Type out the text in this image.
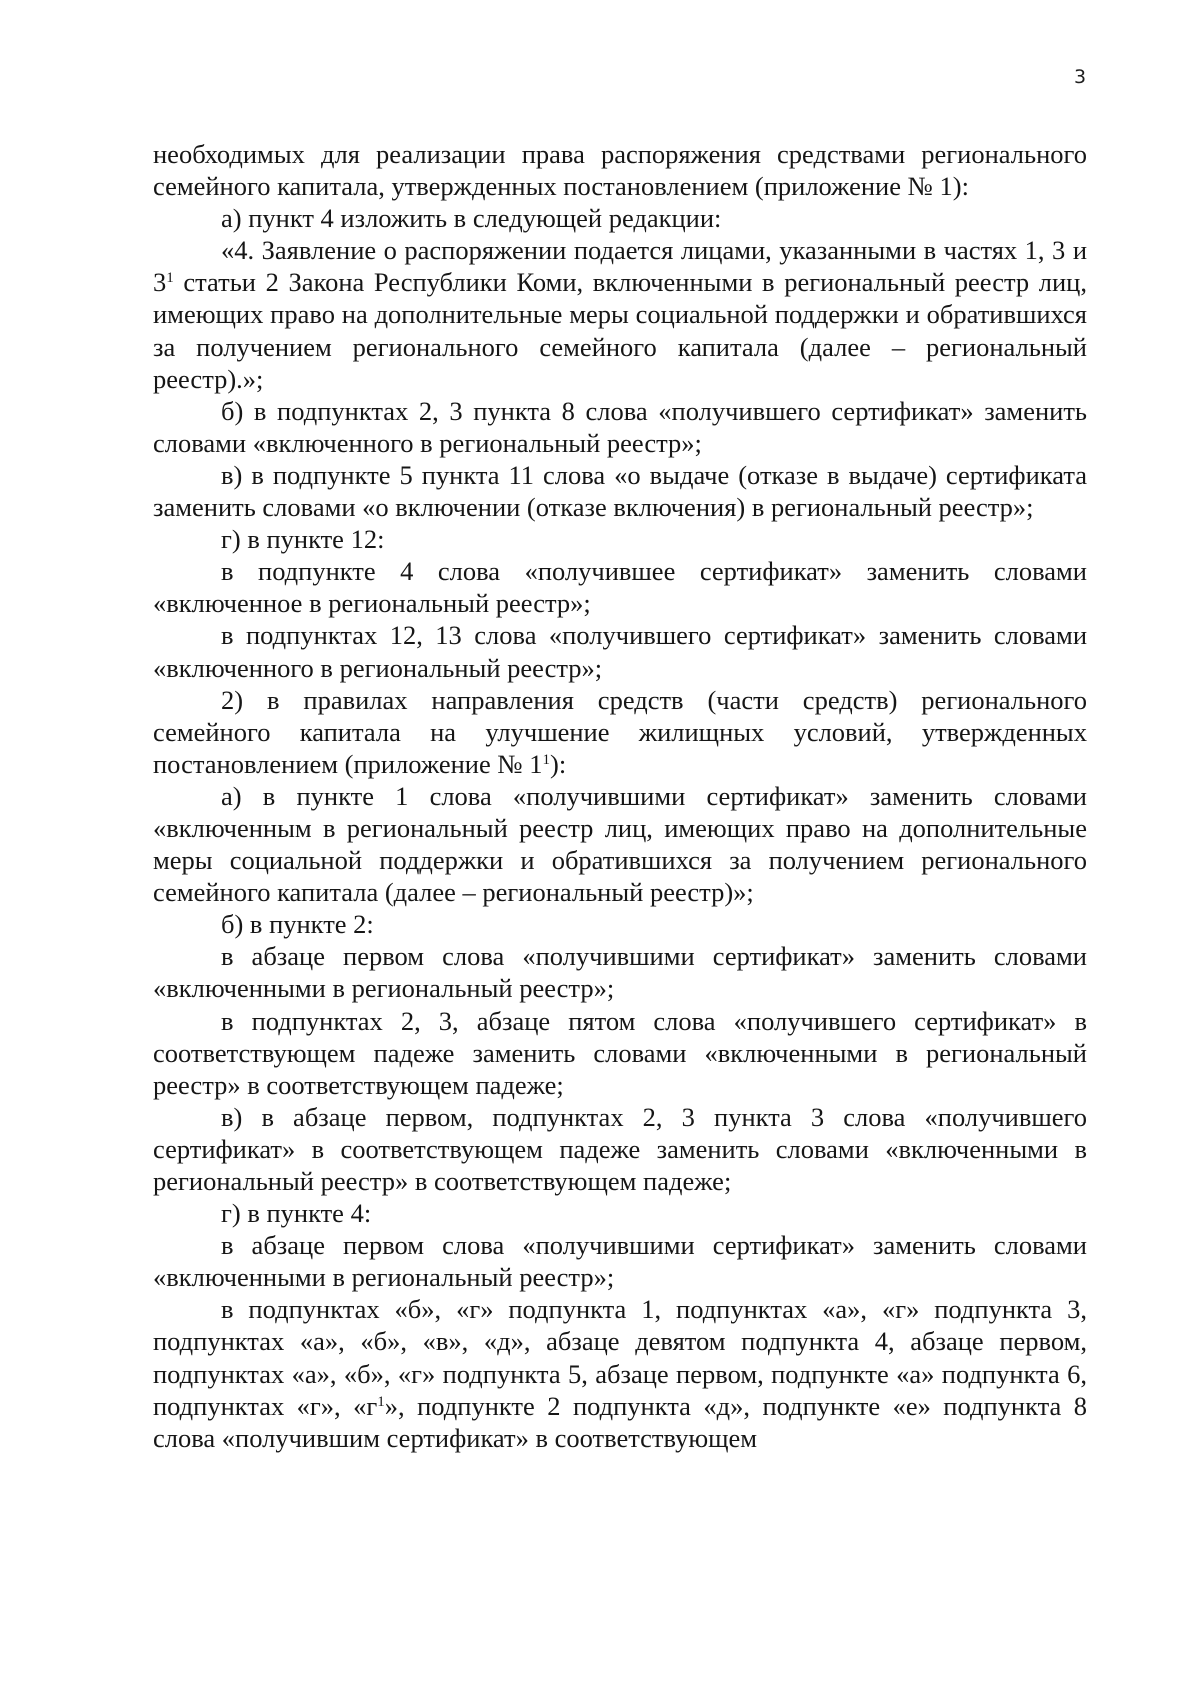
3

необходимых для реализации права распоряжения средствами регионального семейного капитала, утвержденных постановлением (приложение № 1):

а) пункт 4 изложить в следующей редакции:

«4. Заявление о распоряжении подается лицами, указанными в частях 1, 3 и $3^1$ статьи 2 Закона Республики Коми, включенными в региональный реестр лиц, имеющих право на дополнительные меры социальной поддержки и обратившихся за получением регионального семейного капитала (далее – региональный реестр).»;

б) в подпунктах 2, 3 пункта 8 слова «получившего сертификат» заменить словами «включенного в региональный реестр»;

в) в подпункте 5 пункта 11 слова «о выдаче (отказе в выдаче) сертификата заменить словами «о включении (отказе включения) в региональный реестр»;

г) в пункте 12:

в подпункте 4 слова «получившее сертификат» заменить словами «включенное в региональный реестр»;

в подпунктах 12, 13 слова «получившего сертификат» заменить словами «включенного в региональный реестр»;

2) в правилах направления средств (части средств) регионального семейного капитала на улучшение жилищных условий, утвержденных постановлением (приложение № $1^1$):

а) в пункте 1 слова «получившими сертификат» заменить словами «включенным в региональный реестр лиц, имеющих право на дополнительные меры социальной поддержки и обратившихся за получением регионального семейного капитала (далее – региональный реестр)»;

б) в пункте 2:

в абзаце первом слова «получившими сертификат» заменить словами «включенными в региональный реестр»;

в подпунктах 2, 3, абзаце пятом слова «получившего сертификат» в соответствующем падеже заменить словами «включенными в региональный реестр» в соответствующем падеже;

в) в абзаце первом, подпунктах 2, 3 пункта 3 слова «получившего сертификат» в соответствующем падеже заменить словами «включенными в региональный реестр» в соответствующем падеже;

г) в пункте 4:

в абзаце первом слова «получившими сертификат» заменить словами «включенными в региональный реестр»;

в подпунктах «б», «г» подпункта 1, подпунктах «а», «г» подпункта 3, подпунктах «а», «б», «в», «д», абзаце девятом подпункта 4, абзаце первом, подпунктах «а», «б», «г» подпункта 5, абзаце первом, подпункте «а» подпункта 6, подпунктах «г», «$г^1$», подпункте 2 подпункта «д», подпункте «е» подпункта 8 слова «получившим сертификат» в соответствующем
